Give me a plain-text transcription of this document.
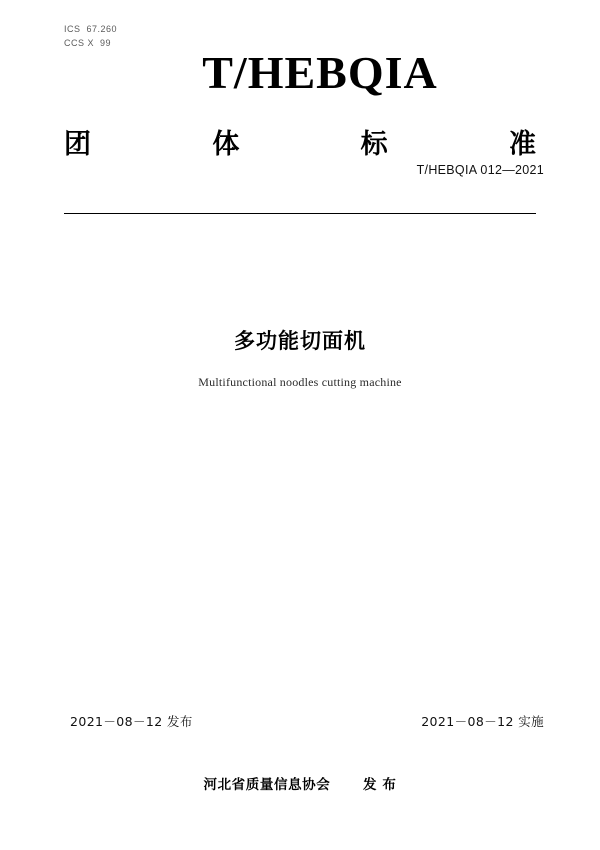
ICS  67.260
CCS X  99
T/HEBQIA
团	体	标	准
T/HEBQIA 012—2021
多功能切面机
Multifunctional noodles cutting machine
2021－08－12 发布	2021－08－12 实施
河北省质量信息协会 发 布
